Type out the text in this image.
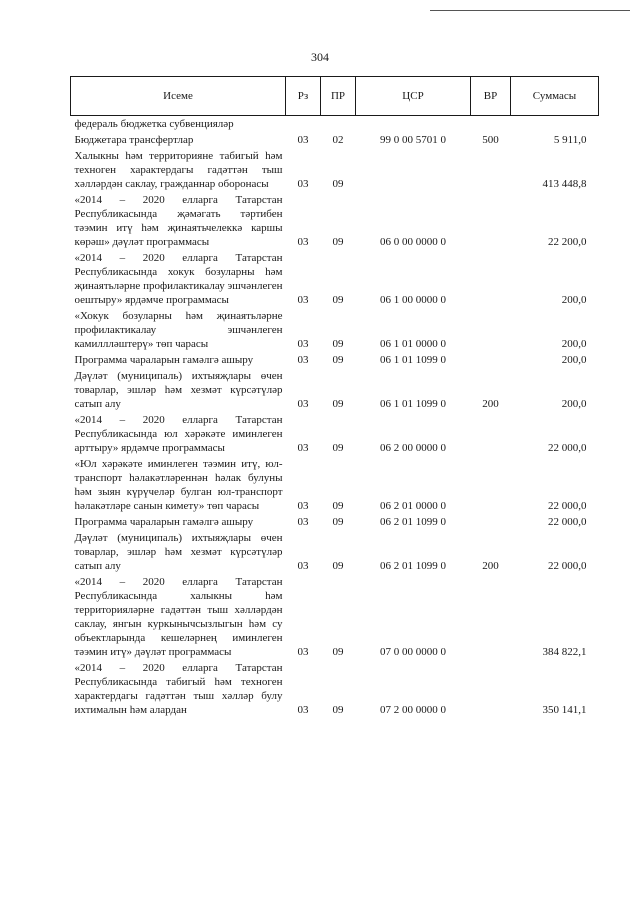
304
Исеме	Рз	ПР	ЦСР	ВР	Суммасы
федераль бюджетка субвенцияләр					
Бюджетара трансфертлар	03	02	99 0 00 5701 0	500	5 911,0
Халыкны һәм территорияне табигый һәм техноген характердагы гадәттән тыш хәлләрдән саклау, гражданнар оборонасы	03	09			413 448,8
«2014 – 2020 елларга Татарстан Республикасында җәмәгать тәртибен тәэмин итү һәм җинаятьчелеккә каршы көрәш» дәүләт программасы	03	09	06 0 00 0000 0		22 200,0
«2014 – 2020 елларга Татарстан Республикасында хокук бозуларны һәм җинаятьләрне профилактикалау эшчәнлеген оештыру» ярдәмче программасы	03	09	06 1 00 0000 0		200,0
«Хокук бозуларны һәм җинаятьләрне профилактикалау эшчәнлеген камиллләштерү» төп чарасы	03	09	06 1 01 0000 0		200,0
Программа чараларын гамәлгә ашыру	03	09	06 1 01 1099 0		200,0
Дәүләт (муниципаль) ихтыяҗлары өчен товарлар, эшләр һәм хезмәт күрсәтүләр сатып алу	03	09	06 1 01 1099 0	200	200,0
«2014 – 2020 елларга Татарстан Республикасында юл хәрәкәте иминлеген арттыру» ярдәмче программасы	03	09	06 2 00 0000 0		22 000,0
«Юл хәрәкәте иминлеген тәэмин итү, юл-транспорт һәлакәтләреннән һәлак булуны һәм зыян күрүчеләр булган юл-транспорт һәлакәтләре санын кимету» төп чарасы	03	09	06 2 01 0000 0		22 000,0
Программа чараларын гамәлгә ашыру	03	09	06 2 01 1099 0		22 000,0
Дәүләт (муниципаль) ихтыяҗлары өчен товарлар, эшләр һәм хезмәт күрсәтүләр сатып алу	03	09	06 2 01 1099 0	200	22 000,0
«2014 – 2020 елларга Татарстан Республикасында халыкны һәм территорияләрне гадәттән тыш хәлләрдән саклау, янгын куркынычсызлыгын һәм су объектларында кешеләрнең иминлеген тәэмин итү» дәүләт программасы	03	09	07 0 00 0000 0		384 822,1
«2014 – 2020 елларга Татарстан Республикасында табигый һәм техноген характердагы гадәттән тыш хәлләр булу ихтималын һәм алардан	03	09	07 2 00 0000 0		350 141,1
